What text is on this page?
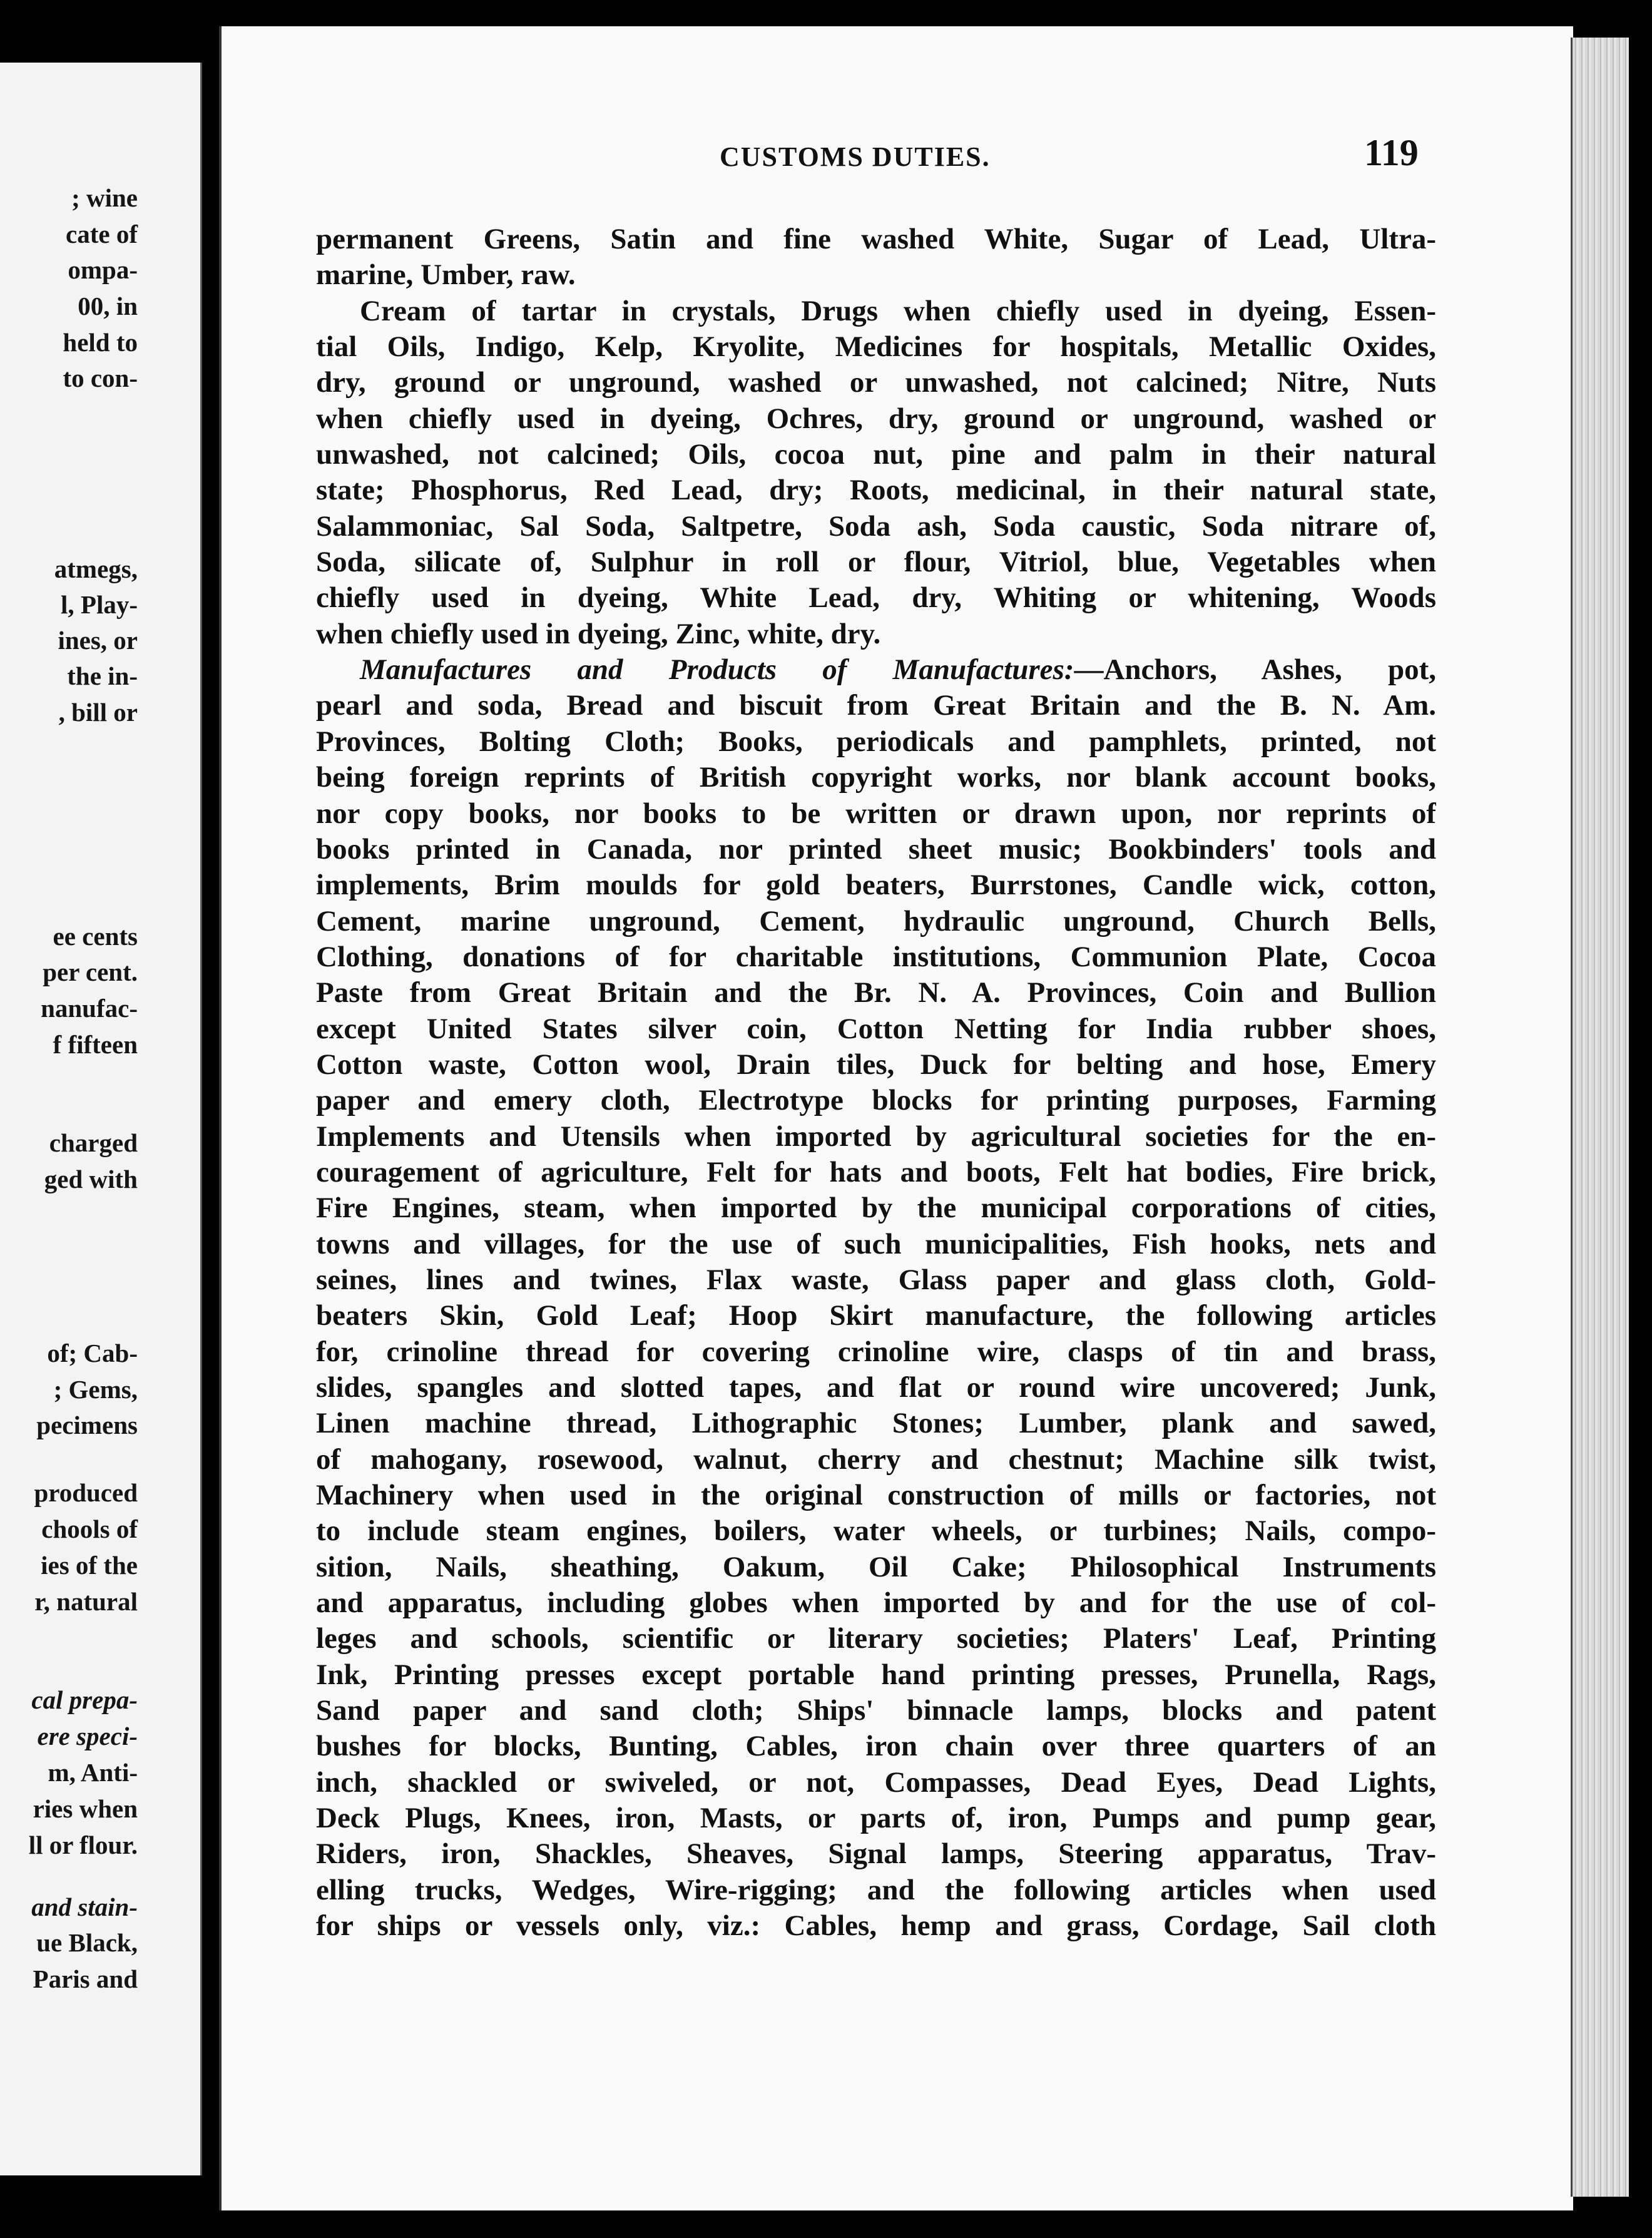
; wine
cate of
ompa-
00, in
held to
to con-
atmegs,
l, Play-
ines, or
the in-
, bill or
ee cents
per cent.
nanufac-
f fifteen
charged
ged with
of; Cab-
; Gems,
pecimens
produced
chools of
ies of the
r, natural
cal prepa-
ere speci-
m, Anti-
ries when
ll or flour.
and stain-
ue Black,
Paris and
CUSTOMS DUTIES.	119
permanent Greens, Satin and fine washed White, Sugar of Lead, Ultra-
marine, Umber, raw.
Cream of tartar in crystals, Drugs when chiefly used in dyeing, Essen-
tial Oils, Indigo, Kelp, Kryolite, Medicines for hospitals, Metallic Oxides,
dry, ground or unground, washed or unwashed, not calcined; Nitre, Nuts
when chiefly used in dyeing, Ochres, dry, ground or unground, washed or
unwashed, not calcined; Oils, cocoa nut, pine and palm in their natural
state; Phosphorus, Red Lead, dry; Roots, medicinal, in their natural state,
Salammoniac, Sal Soda, Saltpetre, Soda ash, Soda caustic, Soda nitrare of,
Soda, silicate of, Sulphur in roll or flour, Vitriol, blue, Vegetables when
chiefly used in dyeing, White Lead, dry, Whiting or whitening, Woods
when chiefly used in dyeing, Zinc, white, dry.
Manufactures and Products of Manufactures:—Anchors, Ashes, pot,
pearl and soda, Bread and biscuit from Great Britain and the B. N. Am.
Provinces, Bolting Cloth; Books, periodicals and pamphlets, printed, not
being foreign reprints of British copyright works, nor blank account books,
nor copy books, nor books to be written or drawn upon, nor reprints of
books printed in Canada, nor printed sheet music; Bookbinders' tools and
implements, Brim moulds for gold beaters, Burrstones, Candle wick, cotton,
Cement, marine unground, Cement, hydraulic unground, Church Bells,
Clothing, donations of for charitable institutions, Communion Plate, Cocoa
Paste from Great Britain and the Br. N. A. Provinces, Coin and Bullion
except United States silver coin, Cotton Netting for India rubber shoes,
Cotton waste, Cotton wool, Drain tiles, Duck for belting and hose, Emery
paper and emery cloth, Electrotype blocks for printing purposes, Farming
Implements and Utensils when imported by agricultural societies for the en-
couragement of agriculture, Felt for hats and boots, Felt hat bodies, Fire brick,
Fire Engines, steam, when imported by the municipal corporations of cities,
towns and villages, for the use of such municipalities, Fish hooks, nets and
seines, lines and twines, Flax waste, Glass paper and glass cloth, Gold-
beaters Skin, Gold Leaf; Hoop Skirt manufacture, the following articles
for, crinoline thread for covering crinoline wire, clasps of tin and brass,
slides, spangles and slotted tapes, and flat or round wire uncovered; Junk,
Linen machine thread, Lithographic Stones; Lumber, plank and sawed,
of mahogany, rosewood, walnut, cherry and chestnut; Machine silk twist,
Machinery when used in the original construction of mills or factories, not
to include steam engines, boilers, water wheels, or turbines; Nails, compo-
sition, Nails, sheathing, Oakum, Oil Cake; Philosophical Instruments
and apparatus, including globes when imported by and for the use of col-
leges and schools, scientific or literary societies; Platers' Leaf, Printing
Ink, Printing presses except portable hand printing presses, Prunella, Rags,
Sand paper and sand cloth; Ships' binnacle lamps, blocks and patent
bushes for blocks, Bunting, Cables, iron chain over three quarters of an
inch, shackled or swiveled, or not, Compasses, Dead Eyes, Dead Lights,
Deck Plugs, Knees, iron, Masts, or parts of, iron, Pumps and pump gear,
Riders, iron, Shackles, Sheaves, Signal lamps, Steering apparatus, Trav-
elling trucks, Wedges, Wire-rigging; and the following articles when used
for ships or vessels only, viz.: Cables, hemp and grass, Cordage, Sail cloth
